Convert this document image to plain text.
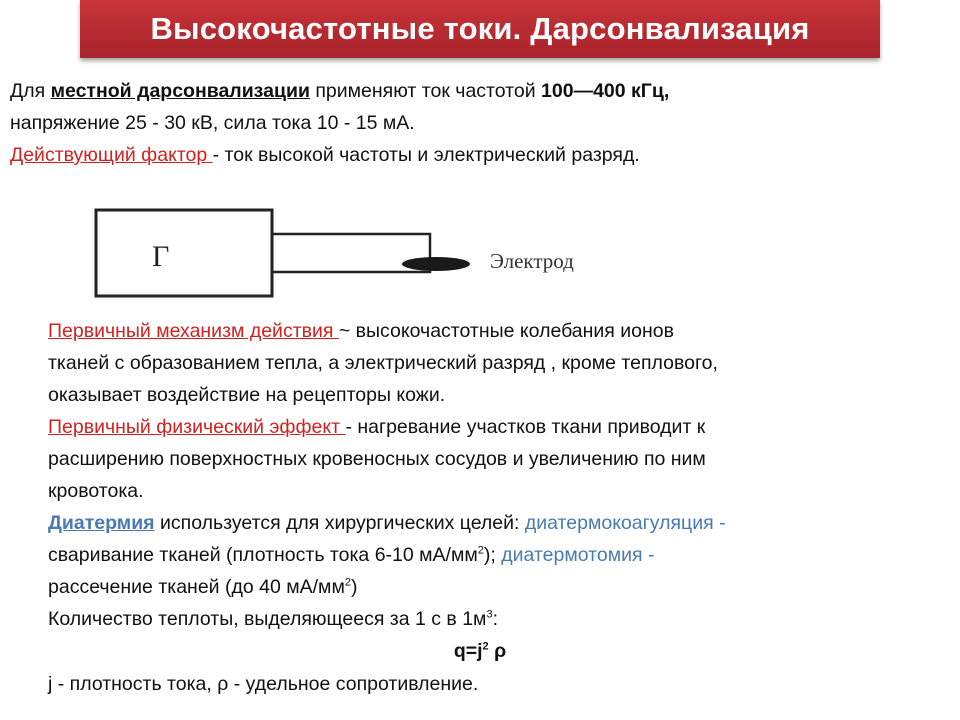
Высокочастотные токи. Дарсонвализация
Для местной дарсонвализации применяют ток частотой 100—400 кГц,
напряжение 25 - 30 кВ, сила тока 10 - 15 мА.
Действующий фактор - ток высокой частоты и электрический разряд.
Г	Электрод
Первичный механизм действия ~ высокочастотные колебания ионов
тканей с образованием тепла, а электрический разряд , кроме теплового,
оказывает воздействие на рецепторы кожи.
Первичный физический эффект - нагревание участков ткани приводит к
расширению поверхностных кровеносных сосудов и увеличению по ним
кровотока.
Диатермия используется для хирургических целей: диатермокоагуляция -
сваривание тканей (плотность тока 6-10 $мА/мм^2$); диатермотомия -
рассечение тканей (до 40 $мА/мм^2$)
Количество теплоты, выделяющееся за 1 с в $1м^3$:
$q=j^2$ ρ
j - плотность тока, ρ - удельное сопротивление.
